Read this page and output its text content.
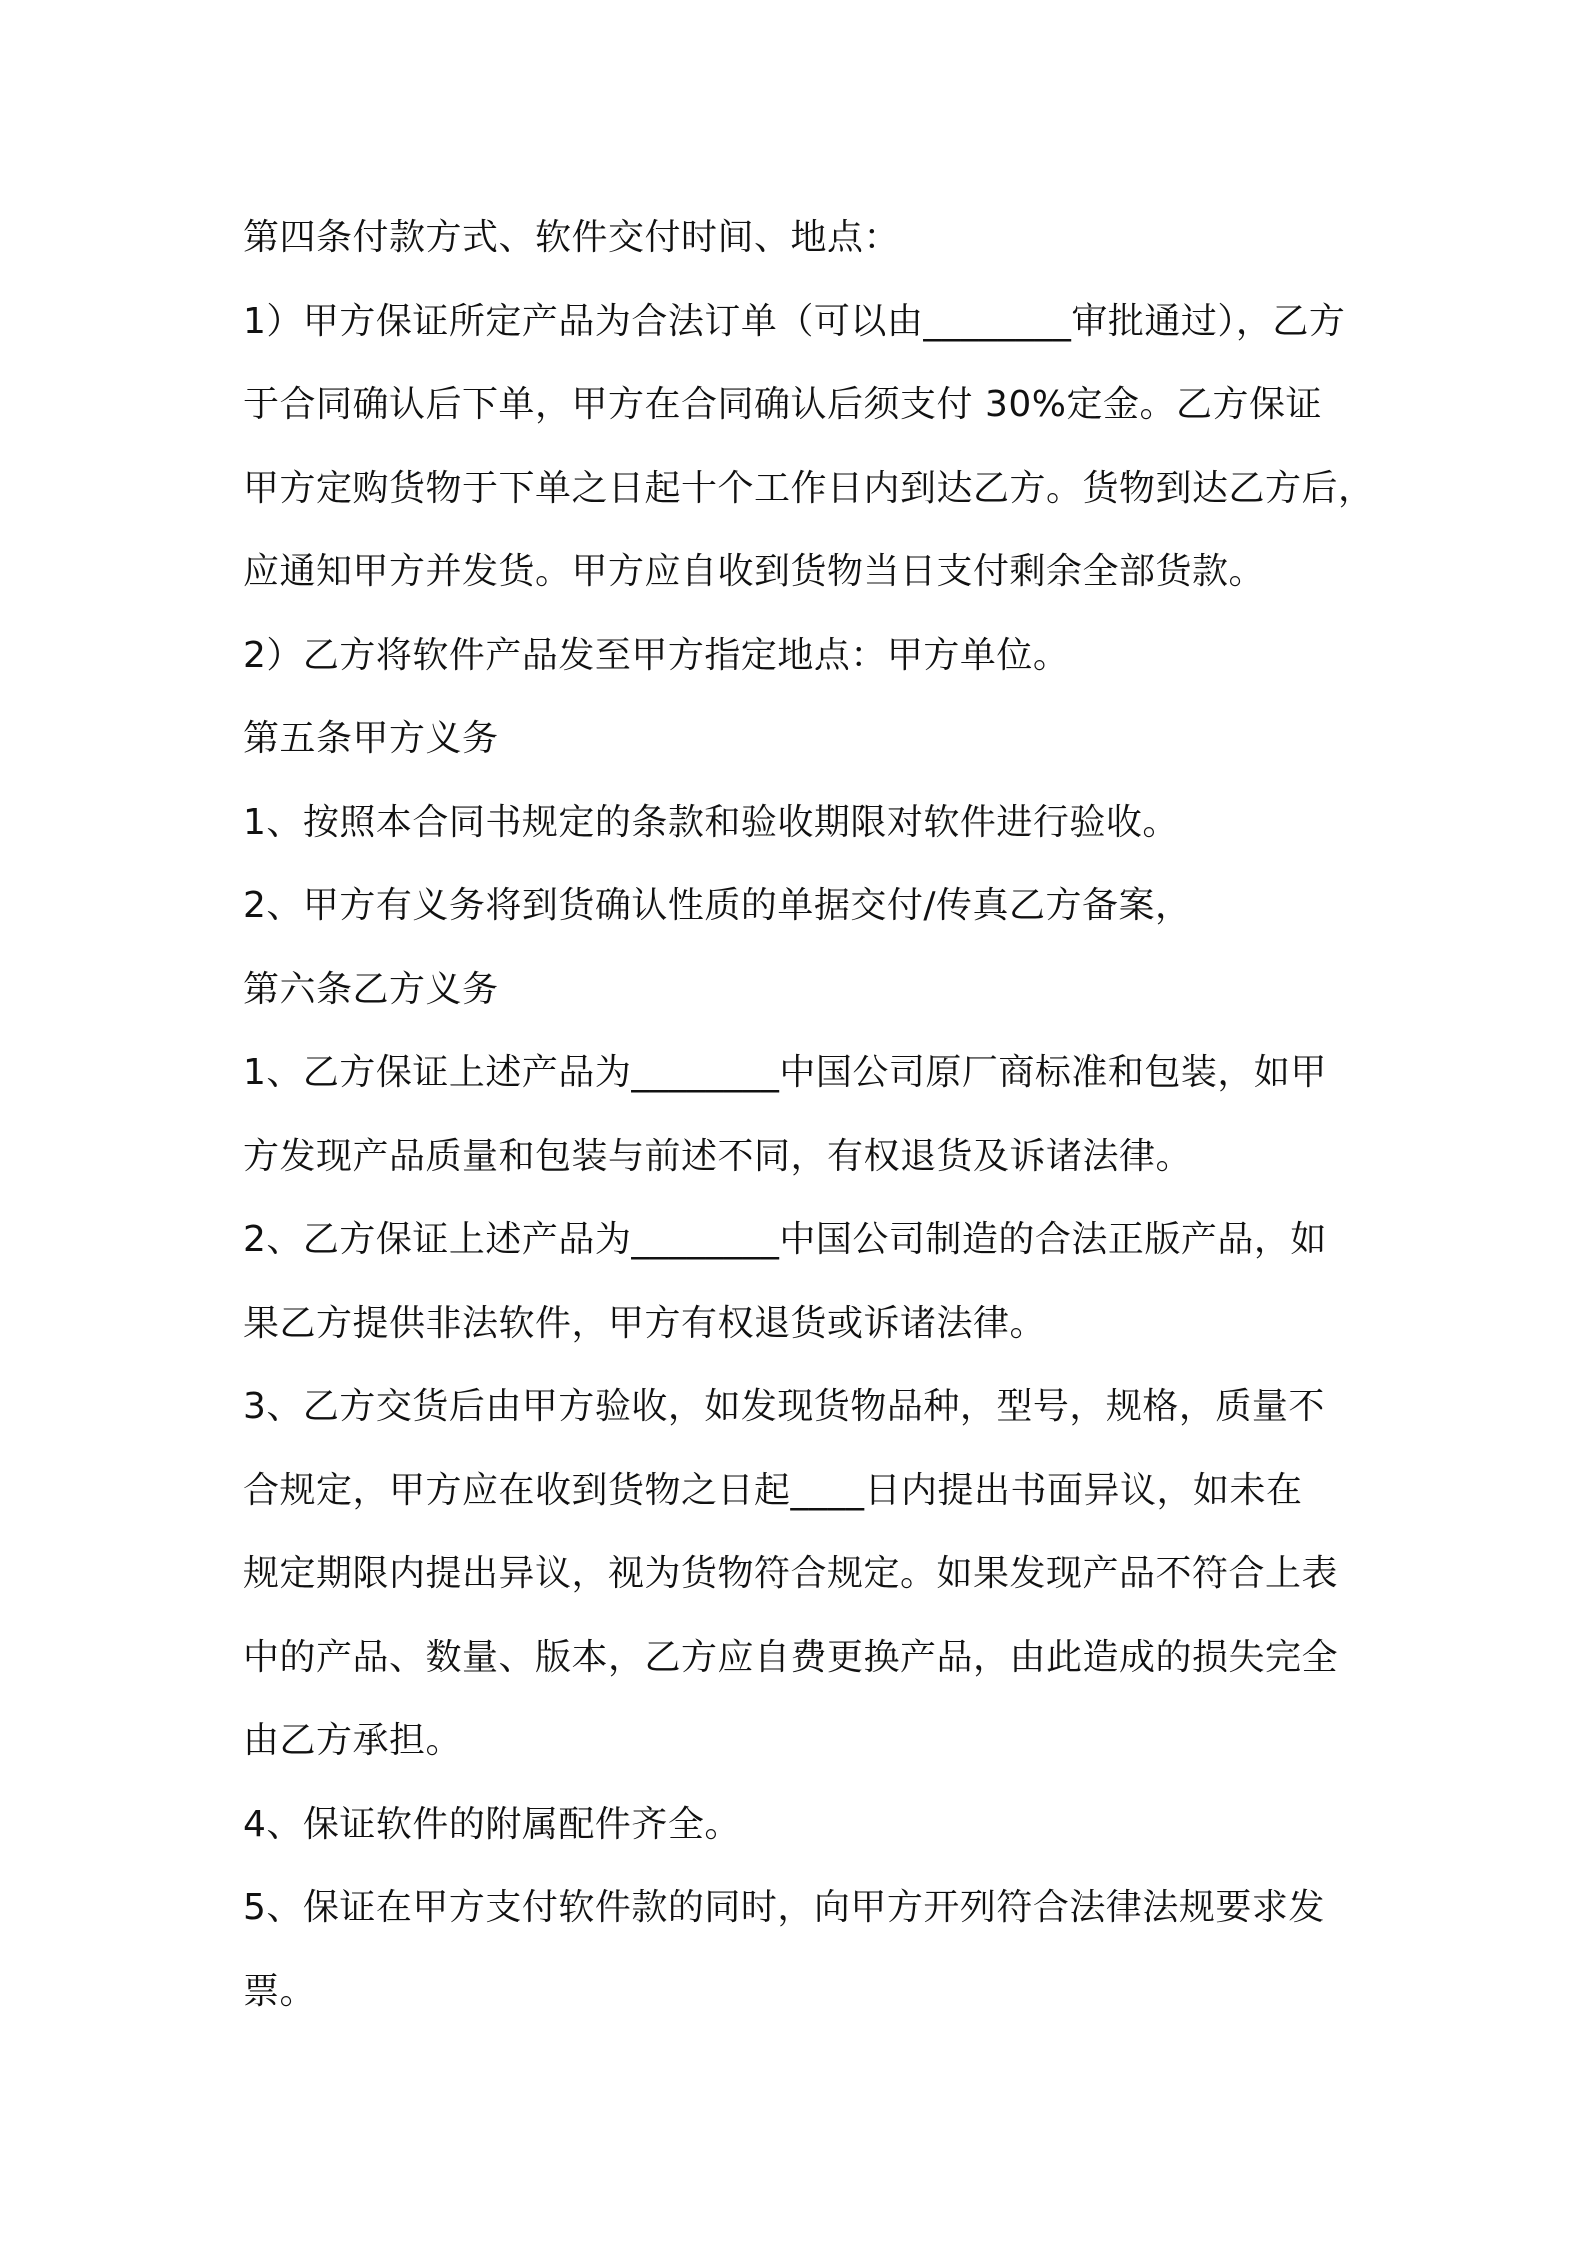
第四条付款方式、软件交付时间、地点：
1）甲方保证所定产品为合法订单（可以由________审批通过），乙方
于合同确认后下单，甲方在合同确认后须支付 30%定金。乙方保证
甲方定购货物于下单之日起十个工作日内到达乙方。货物到达乙方后，
应通知甲方并发货。甲方应自收到货物当日支付剩余全部货款。
2）乙方将软件产品发至甲方指定地点：甲方单位。
第五条甲方义务
1、按照本合同书规定的条款和验收期限对软件进行验收。
2、甲方有义务将到货确认性质的单据交付/传真乙方备案，
第六条乙方义务
1、乙方保证上述产品为________中国公司原厂商标准和包装，如甲
方发现产品质量和包装与前述不同，有权退货及诉诸法律。
2、乙方保证上述产品为________中国公司制造的合法正版产品，如
果乙方提供非法软件，甲方有权退货或诉诸法律。
3、乙方交货后由甲方验收，如发现货物品种，型号，规格，质量不
合规定，甲方应在收到货物之日起____日内提出书面异议，如未在
规定期限内提出异议，视为货物符合规定。如果发现产品不符合上表
中的产品、数量、版本，乙方应自费更换产品，由此造成的损失完全
由乙方承担。
4、保证软件的附属配件齐全。
5、保证在甲方支付软件款的同时，向甲方开列符合法律法规要求发
票。
